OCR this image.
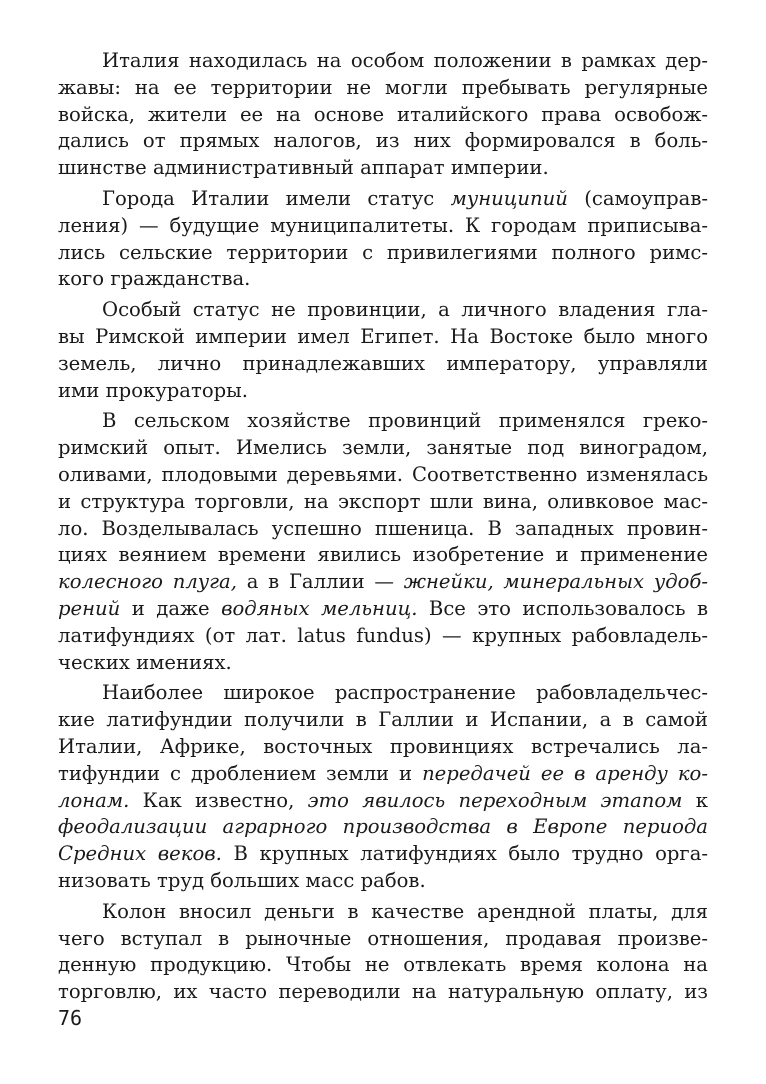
Италия находилась на особом положении в рамках дер-
жавы: на ее территории не могли пребывать регулярные
войска, жители ее на основе италийского права освобож-
дались от прямых налогов, из них формировался в боль-
шинстве административный аппарат империи.
Города Италии имели статус муниципий (самоуправ-
ления) — будущие муниципалитеты. К городам приписыва-
лись сельские территории с привилегиями полного римс-
кого гражданства.
Особый статус не провинции, а личного владения гла-
вы Римской империи имел Египет. На Востоке было много
земель, лично принадлежавших императору, управляли
ими прокураторы.
В сельском хозяйстве провинций применялся греко-
римский опыт. Имелись земли, занятые под виноградом,
оливами, плодовыми деревьями. Соответственно изменялась
и структура торговли, на экспорт шли вина, оливковое мас-
ло. Возделывалась успешно пшеница. В западных провин-
циях веянием времени явились изобретение и применение
колесного плуга, а в Галлии — жнейки, минеральных удоб-
рений и даже водяных мельниц. Все это использовалось в
латифундиях (от лат. latus fundus) — крупных рабовладель-
ческих имениях.
Наиболее широкое распространение рабовладельчес-
кие латифундии получили в Галлии и Испании, а в самой
Италии, Африке, восточных провинциях встречались ла-
тифундии с дроблением земли и передачей ее в аренду ко-
лонам. Как известно, это явилось переходным этапом к
феодализации аграрного производства в Европе периода
Средних веков. В крупных латифундиях было трудно орга-
низовать труд больших масс рабов.
Колон вносил деньги в качестве арендной платы, для
чего вступал в рыночные отношения, продавая произве-
денную продукцию. Чтобы не отвлекать время колона на
торговлю, их часто переводили на натуральную оплату, из
76
